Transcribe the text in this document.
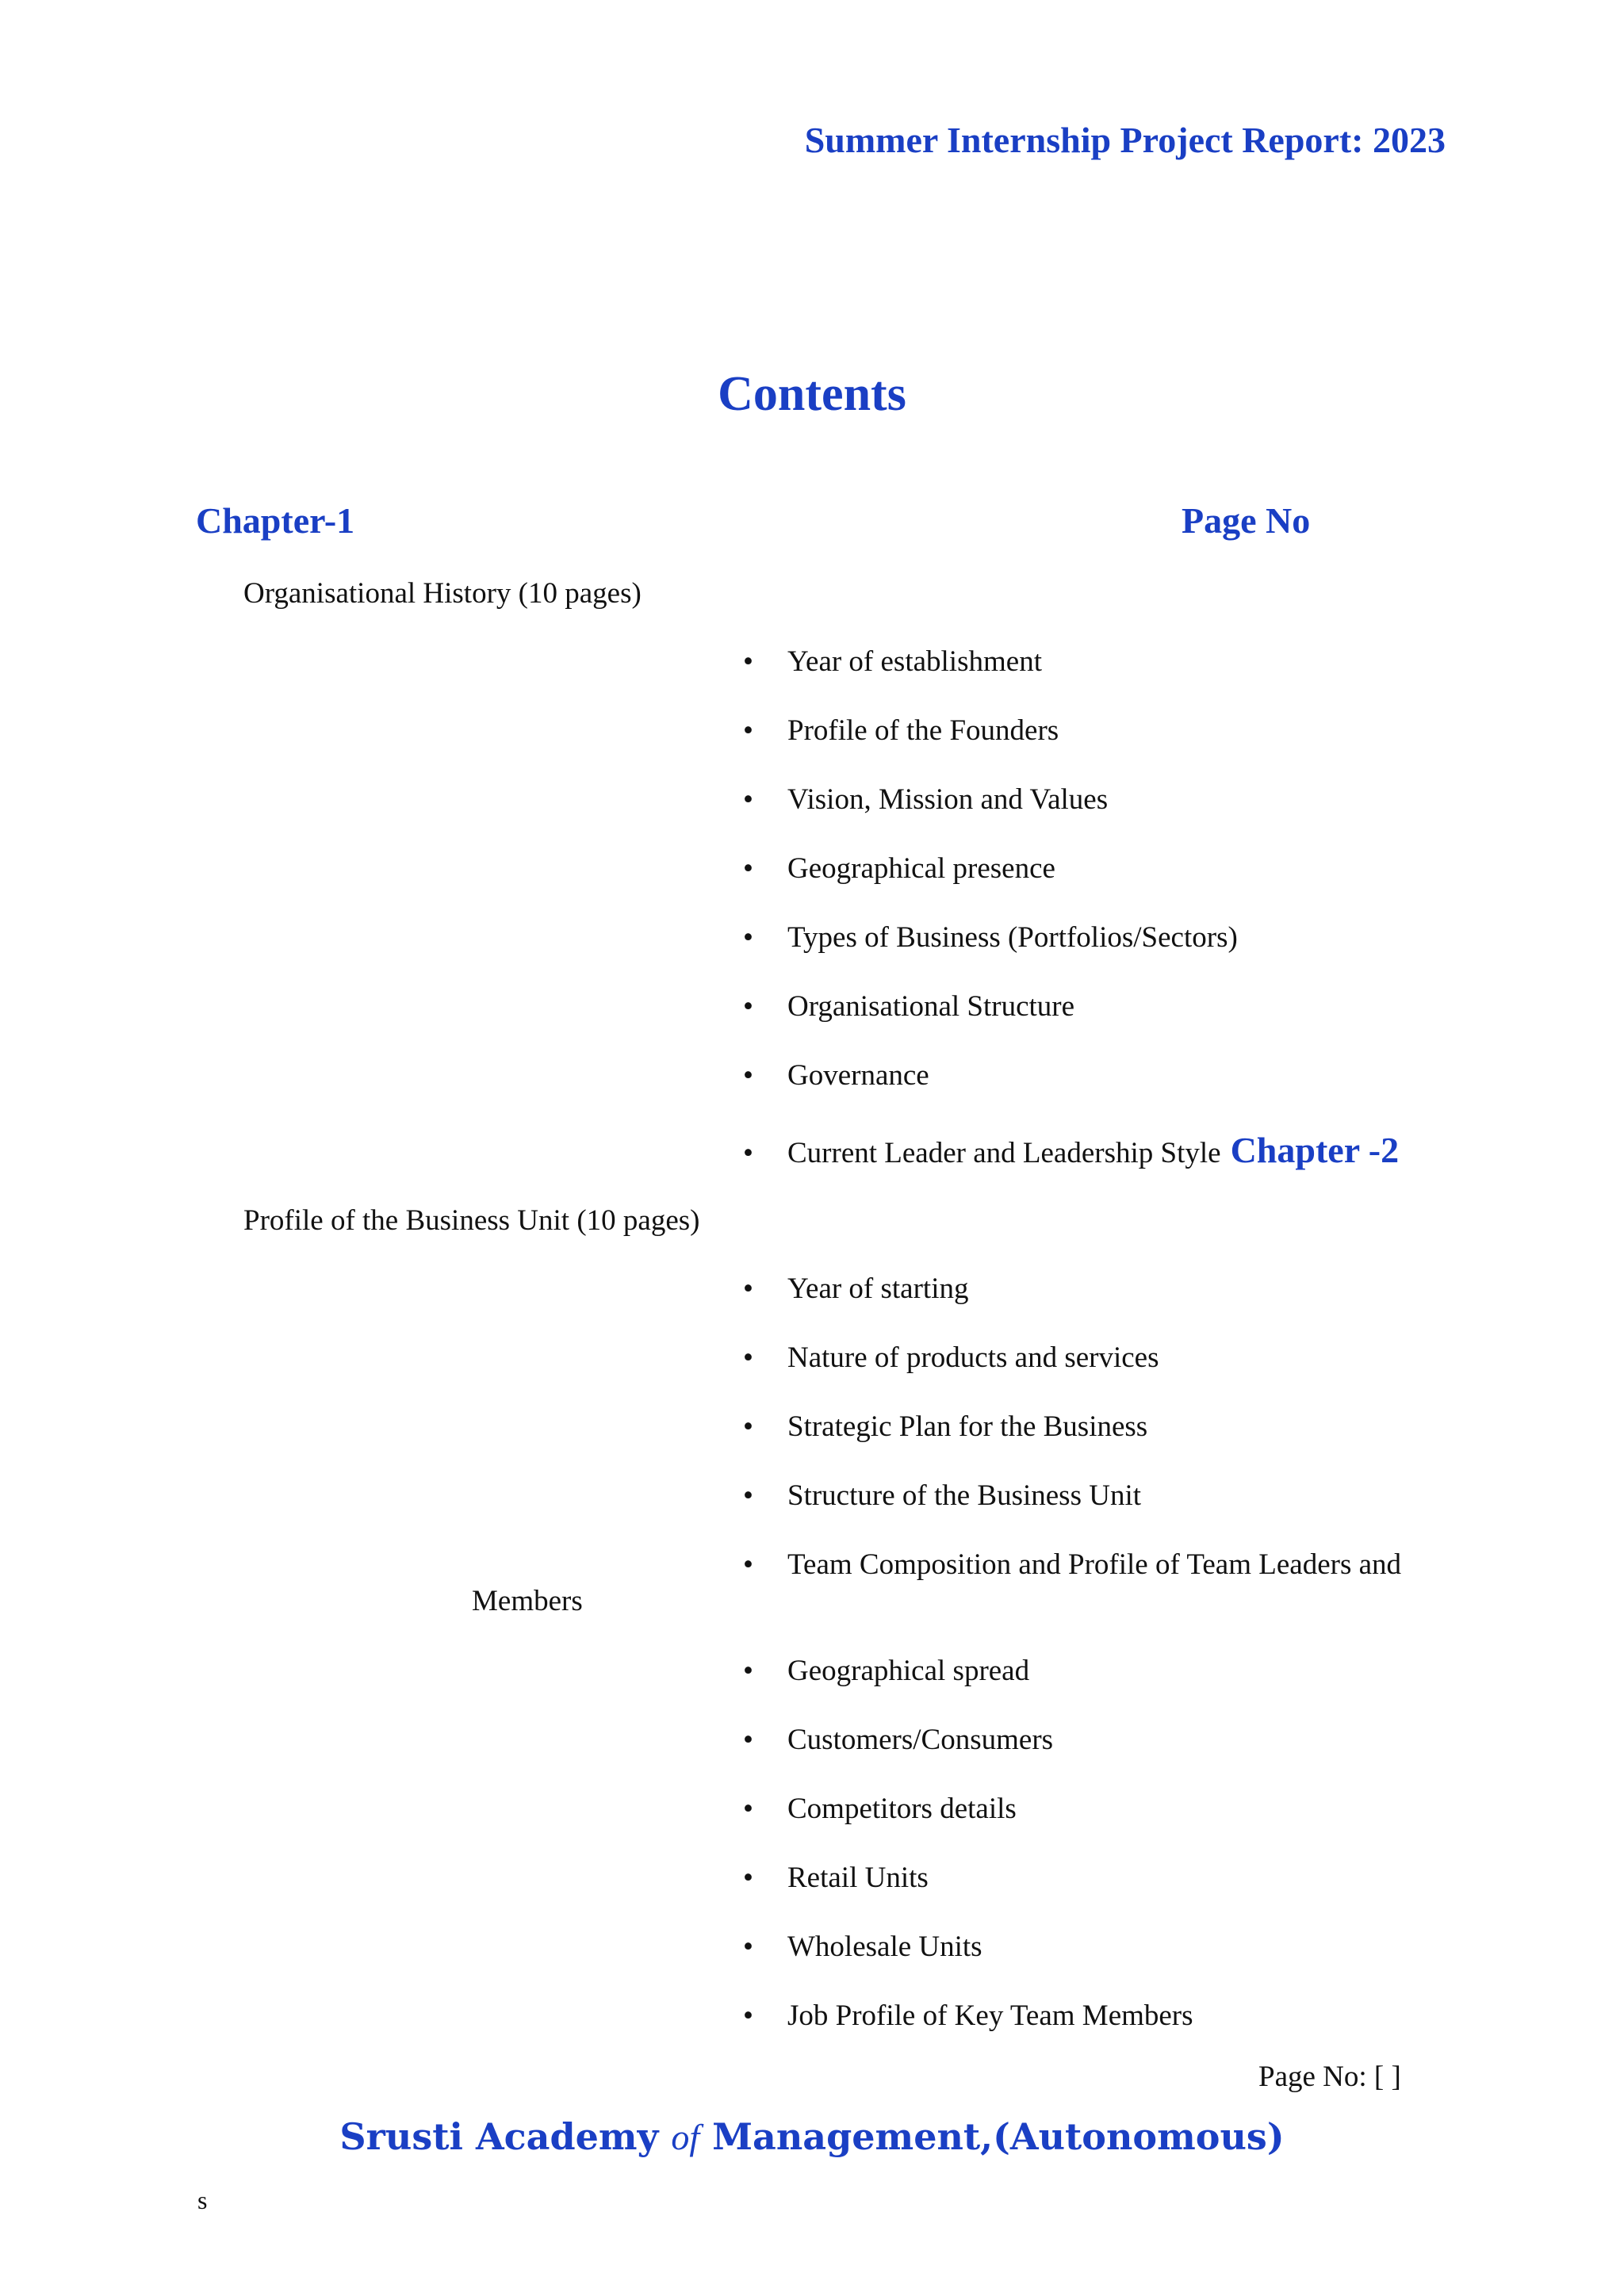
Summer Internship Project Report: 2023
Contents
Chapter-1	Page No
Organisational History (10 pages)
• Year of establishment
• Profile of the Founders
• Vision, Mission and Values
• Geographical presence
• Types of Business (Portfolios/Sectors)
• Organisational Structure
• Governance
• Current Leader and Leadership Style Chapter -2
Profile of the Business Unit (10 pages)
• Year of starting
• Nature of products and services
• Strategic Plan for the Business
• Structure of the Business Unit
• Team Composition and Profile of Team Leaders and
Members
• Geographical spread
• Customers/Consumers
• Competitors details
• Retail Units
• Wholesale Units
• Job Profile of Key Team Members
Page No: [ ]
Srusti Academy of Management,(Autonomous)
s
